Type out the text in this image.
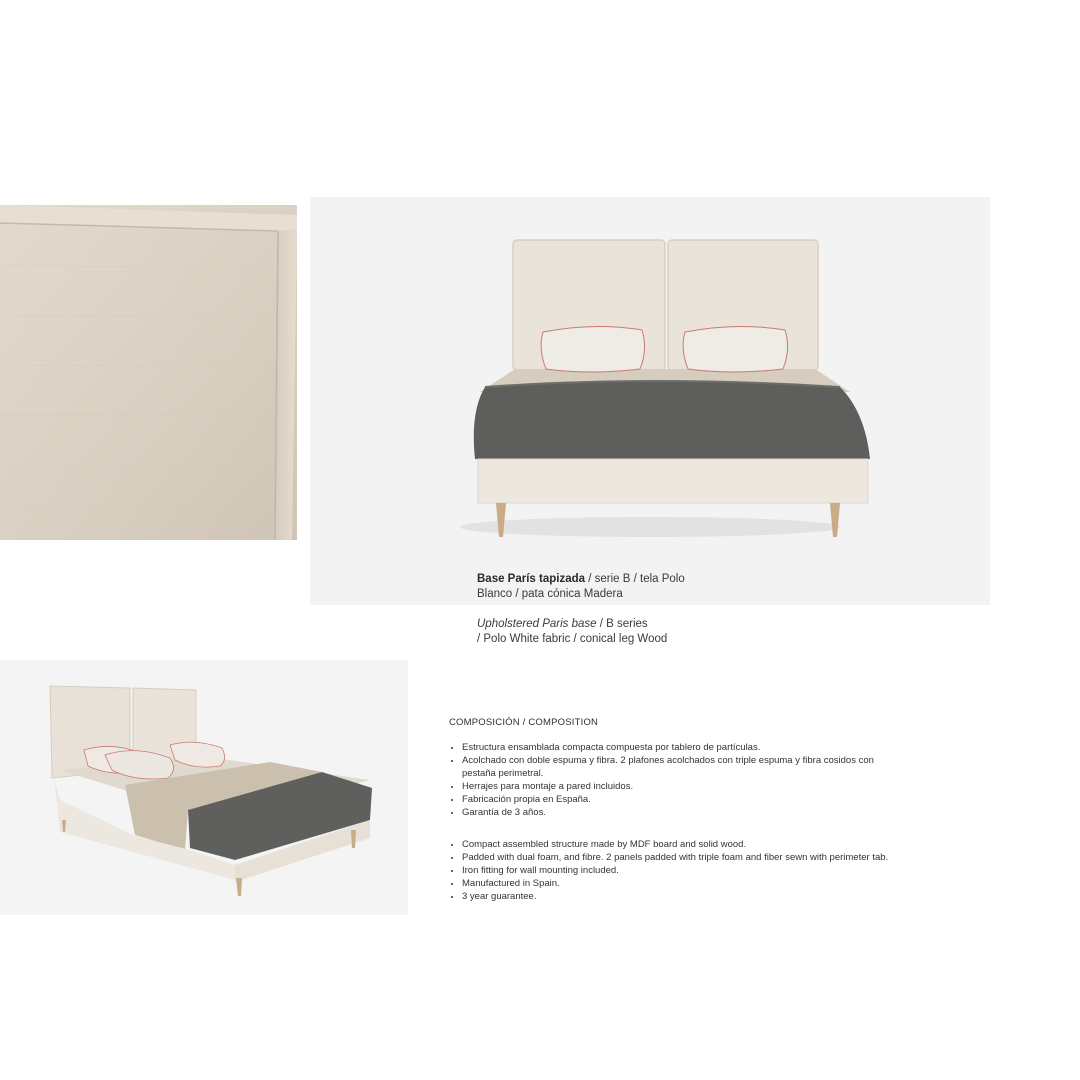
Base París tapizada / serie B / tela Polo
Blanco / pata cónica Madera
Upholstered Paris base / B series
/ Polo White fabric / conical leg Wood
COMPOSICIÓN / COMPOSITION
• Estructura ensamblada compacta compuesta por tablero de partículas.
• Acolchado con doble espuma y fibra. 2 plafones acolchados con triple espuma y fibra cosidos con pestaña perimetral.
• Herrajes para montaje a pared incluidos.
• Fabricación propia en España.
• Garantía de 3 años.
• Compact assembled structure made by MDF board and solid wood.
• Padded with dual foam, and fibre. 2 panels padded with triple foam and fiber sewn with perimeter tab.
• Iron fitting for wall mounting included.
• Manufactured in Spain.
• 3 year guarantee.
